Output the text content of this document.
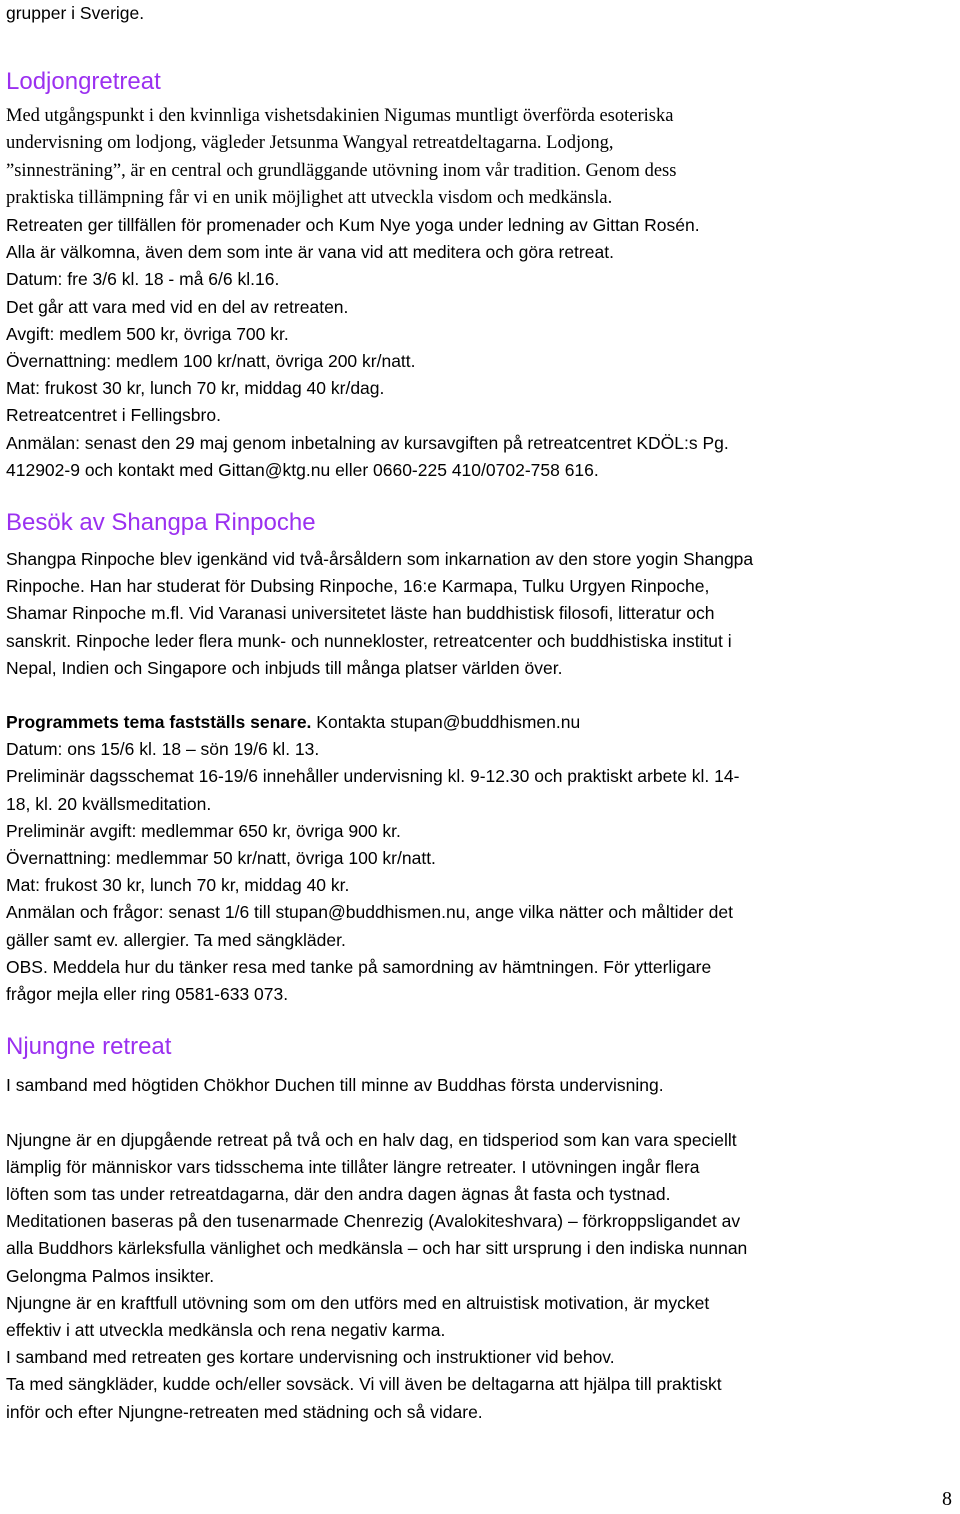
grupper i Sverige.
Lodjongretreat
Med utgångspunkt i den kvinnliga vishetsdakinien Nigumas muntligt överförda esoteriska
undervisning om lodjong, vägleder Jetsunma Wangyal retreatdeltagarna. Lodjong,
”sinnesträning”, är en central och grundläggande utövning inom vår tradition. Genom dess
praktiska tillämpning får vi en unik möjlighet att utveckla visdom och medkänsla.
Retreaten ger tillfällen för promenader och Kum Nye yoga under ledning av Gittan Rosén.
Alla är välkomna, även dem som inte är vana vid att meditera och göra retreat.
Datum: fre 3/6 kl. 18 - må 6/6 kl.16.
Det går att vara med vid en del av retreaten.
Avgift: medlem 500 kr, övriga 700 kr.
Övernattning: medlem 100 kr/natt, övriga 200 kr/natt.
Mat: frukost 30 kr, lunch 70 kr, middag 40 kr/dag.
Retreatcentret i Fellingsbro.
Anmälan: senast den 29 maj genom inbetalning av kursavgiften på retreatcentret KDÖL:s Pg.
412902-9 och kontakt med Gittan@ktg.nu eller 0660-225 410/0702-758 616.
Besök av Shangpa Rinpoche
Shangpa Rinpoche blev igenkänd vid två-årsåldern som inkarnation av den store yogin Shangpa
Rinpoche. Han har studerat för Dubsing Rinpoche, 16:e Karmapa, Tulku Urgyen Rinpoche,
Shamar Rinpoche m.fl. Vid Varanasi universitetet läste han buddhistisk filosofi, litteratur och
sanskrit. Rinpoche leder flera munk- och nunnekloster, retreatcenter och buddhistiska institut i
Nepal, Indien och Singapore och inbjuds till många platser världen över.
Programmets tema fastställs senare. Kontakta stupan@buddhismen.nu
Datum: ons 15/6 kl. 18 – sön 19/6 kl. 13.
Preliminär dagsschemat 16-19/6 innehåller undervisning kl. 9-12.30 och praktiskt arbete kl. 14-
18, kl. 20 kvällsmeditation.
Preliminär avgift: medlemmar 650 kr, övriga 900 kr.
Övernattning: medlemmar 50 kr/natt, övriga 100 kr/natt.
Mat: frukost 30 kr, lunch 70 kr, middag 40 kr.
Anmälan och frågor: senast 1/6 till stupan@buddhismen.nu, ange vilka nätter och måltider det
gäller samt ev. allergier. Ta med sängkläder.
OBS. Meddela hur du tänker resa med tanke på samordning av hämtningen. För ytterligare
frågor mejla eller ring 0581-633 073.
Njungne retreat
I samband med högtiden Chökhor Duchen till minne av Buddhas första undervisning.
Njungne är en djupgående retreat på två och en halv dag, en tidsperiod som kan vara speciellt
lämplig för människor vars tidsschema inte tillåter längre retreater. I utövningen ingår flera
löften som tas under retreatdagarna, där den andra dagen ägnas åt fasta och tystnad.
Meditationen baseras på den tusenarmade Chenrezig (Avalokiteshvara) – förkroppsligandet av
alla Buddhors kärleksfulla vänlighet och medkänsla – och har sitt ursprung i den indiska nunnan
Gelongma Palmos insikter.
Njungne är en kraftfull utövning som om den utförs med en altruistisk motivation, är mycket
effektiv i att utveckla medkänsla och rena negativ karma.
I samband med retreaten ges kortare undervisning och instruktioner vid behov.
Ta med sängkläder, kudde och/eller sovsäck. Vi vill även be deltagarna att hjälpa till praktiskt
inför och efter Njungne-retreaten med städning och så vidare.
8
